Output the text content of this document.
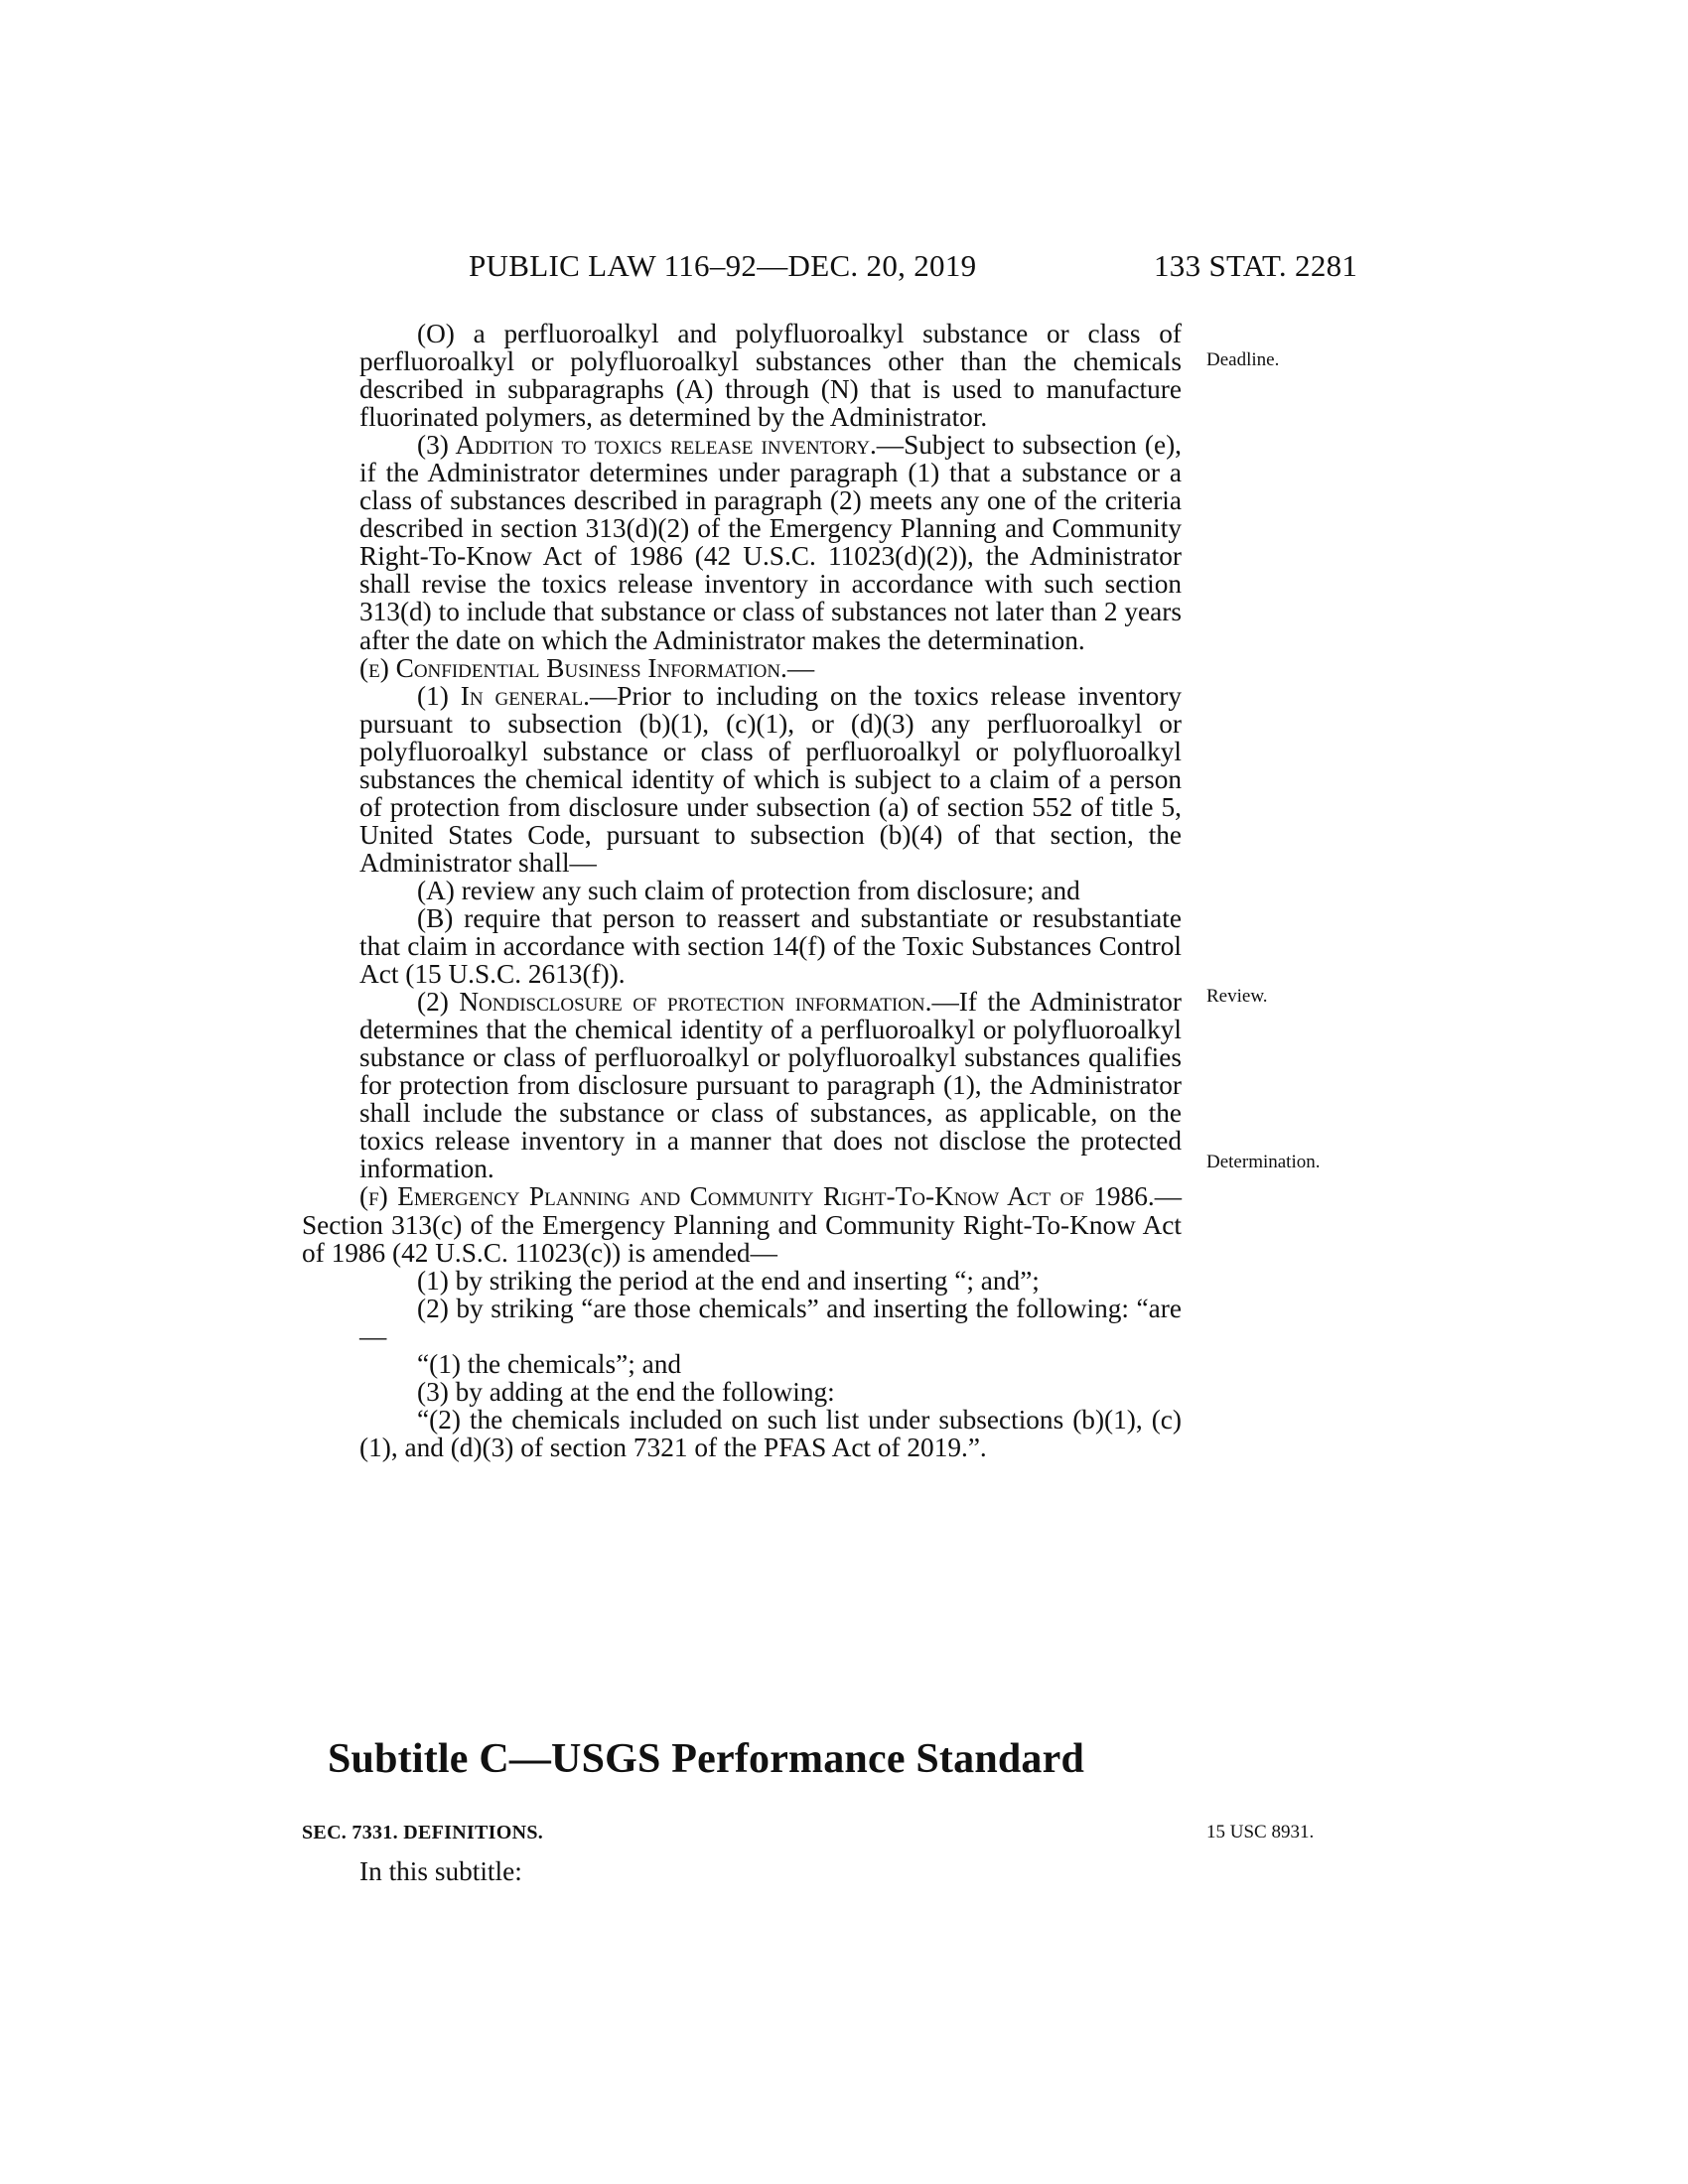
PUBLIC LAW 116–92—DEC. 20, 2019	133 STAT. 2281

(O) a perfluoroalkyl and polyfluoroalkyl substance or class of perfluoroalkyl or polyfluoroalkyl substances other than the chemicals described in subparagraphs (A) through (N) that is used to manufacture fluorinated polymers, as determined by the Administrator.

(3) Addition to toxics release inventory.—Subject to subsection (e), if the Administrator determines under paragraph (1) that a substance or a class of substances described in paragraph (2) meets any one of the criteria described in section 313(d)(2) of the Emergency Planning and Community Right-To-Know Act of 1986 (42 U.S.C. 11023(d)(2)), the Administrator shall revise the toxics release inventory in accordance with such section 313(d) to include that substance or class of substances not later than 2 years after the date on which the Administrator makes the determination.

(e) Confidential Business Information.—

(1) In general.—Prior to including on the toxics release inventory pursuant to subsection (b)(1), (c)(1), or (d)(3) any perfluoroalkyl or polyfluoroalkyl substance or class of perfluoroalkyl or polyfluoroalkyl substances the chemical identity of which is subject to a claim of a person of protection from disclosure under subsection (a) of section 552 of title 5, United States Code, pursuant to subsection (b)(4) of that section, the Administrator shall—

(A) review any such claim of protection from disclosure; and

(B) require that person to reassert and substantiate or resubstantiate that claim in accordance with section 14(f) of the Toxic Substances Control Act (15 U.S.C. 2613(f)).

(2) Nondisclosure of protection information.—If the Administrator determines that the chemical identity of a perfluoroalkyl or polyfluoroalkyl substance or class of perfluoroalkyl or polyfluoroalkyl substances qualifies for protection from disclosure pursuant to paragraph (1), the Administrator shall include the substance or class of substances, as applicable, on the toxics release inventory in a manner that does not disclose the protected information.

(f) Emergency Planning and Community Right-To-Know Act of 1986.—Section 313(c) of the Emergency Planning and Community Right-To-Know Act of 1986 (42 U.S.C. 11023(c)) is amended—

(1) by striking the period at the end and inserting “; and”;

(2) by striking “are those chemicals” and inserting the following: “are—

“(1) the chemicals”; and

(3) by adding at the end the following:

“(2) the chemicals included on such list under subsections (b)(1), (c)(1), and (d)(3) of section 7321 of the PFAS Act of 2019.”.

Deadline.
Review.
Determination.
Subtitle C—USGS Performance Standard
SEC. 7331. DEFINITIONS.	15 USC 8931.
In this subtitle:
